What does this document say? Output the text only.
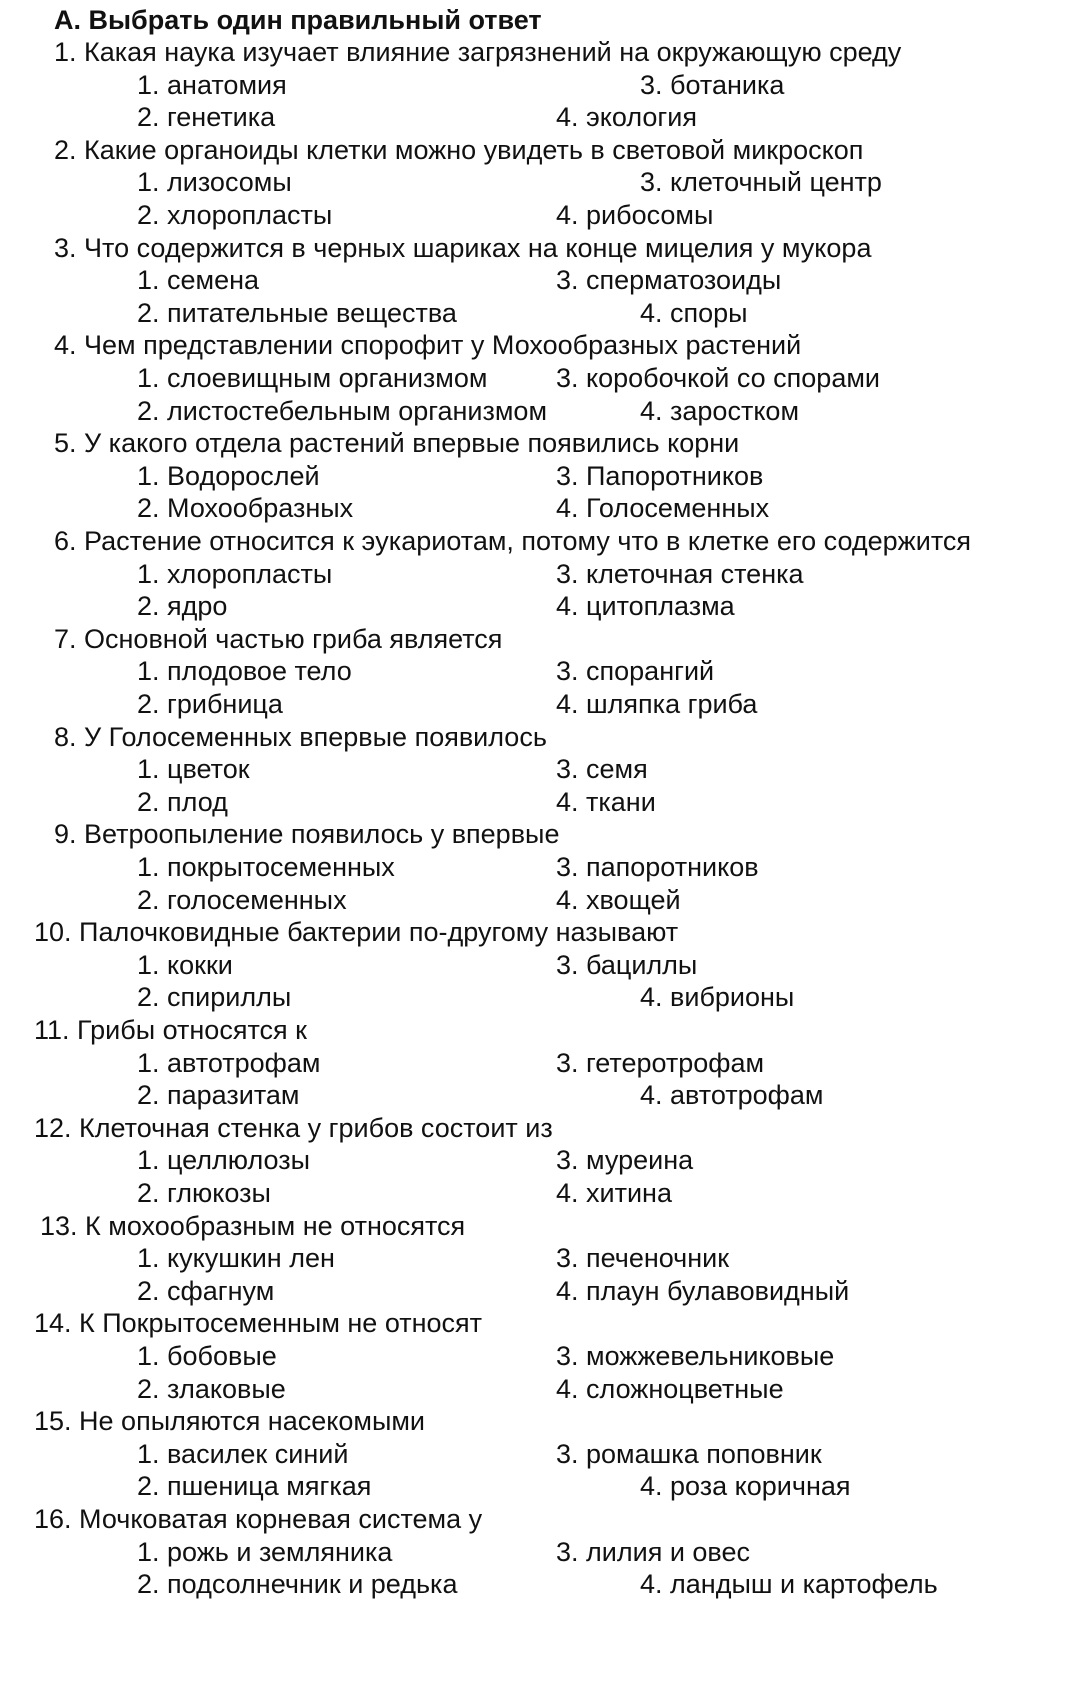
А. Выбрать один правильный ответ
1. Какая наука изучает влияние загрязнений на окружающую среду
1. анатомия	3. ботаника
2. генетика	4. экология
2. Какие органоиды клетки можно увидеть в световой микроскоп
1. лизосомы	3. клеточный центр
2. хлоропласты	4. рибосомы
3. Что содержится в черных шариках на конце мицелия у мукора
1. семена	3. сперматозоиды
2. питательные вещества	4. споры
4. Чем представлении спорофит у Мохообразных растений
1. слоевищным организмом	3. коробочкой со спорами
2. листостебельным организмом	4. заростком
5. У какого отдела растений впервые появились корни
1. Водорослей	3. Папоротников
2. Мохообразных	4. Голосеменных
6. Растение относится к эукариотам, потому что в клетке его содержится
1. хлоропласты	3. клеточная стенка
2. ядро	4. цитоплазма
7. Основной частью гриба является
1. плодовое тело	3. спорангий
2. грибница	4. шляпка гриба
8. У Голосеменных впервые появилось
1. цветок	3. семя
2. плод	4. ткани
9. Ветроопыление появилось у впервые
1. покрытосеменных	3. папоротников
2. голосеменных	4. хвощей
10. Палочковидные бактерии по-другому называют
1. кокки	3. бациллы
2. спириллы	4. вибрионы
11. Грибы относятся к
1. автотрофам	3. гетеротрофам
2. паразитам	4. автотрофам
12. Клеточная стенка у грибов состоит из
1. целлюлозы	3. муреина
2. глюкозы	4. хитина
13. К мохообразным не относятся
1. кукушкин лен	3. печеночник
2. сфагнум	4. плаун булавовидный
14. К Покрытосеменным не относят
1. бобовые	3. можжевельниковые
2. злаковые	4. сложноцветные
15. Не опыляются насекомыми
1. василек синий	3. ромашка поповник
2. пшеница мягкая	4. роза коричная
16. Мочковатая корневая система у
1. рожь и земляника	3. лилия и овес
2. подсолнечник и редька	4. ландыш и картофель
